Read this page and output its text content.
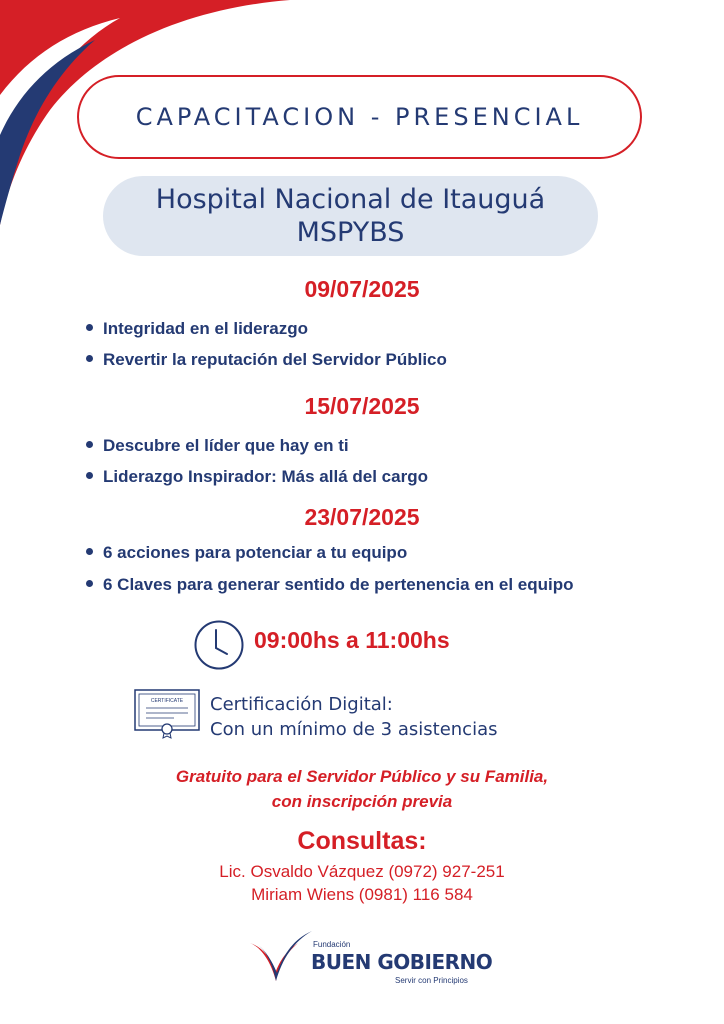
CAPACITACION - PRESENCIAL
Hospital Nacional de Itauguá
MSPYBS
09/07/2025
Integridad en el liderazgo
Revertir la reputación del Servidor Público
15/07/2025
Descubre el líder que hay en ti
Liderazgo Inspirador: Más allá del cargo
23/07/2025
6 acciones para potenciar a tu equipo
6 Claves para generar sentido de pertenencia en el equipo
09:00hs a 11:00hs
CERTIFICATE Certificación Digital:
Con un mínimo de 3 asistencias
Gratuito para el Servidor Público y su Familia,
con inscripción previa
Consultas:
Lic. Osvaldo Vázquez (0972) 927-251
Miriam Wiens (0981) 116 584
Fundación
BUEN GOBIERNO
Servir con Principios
